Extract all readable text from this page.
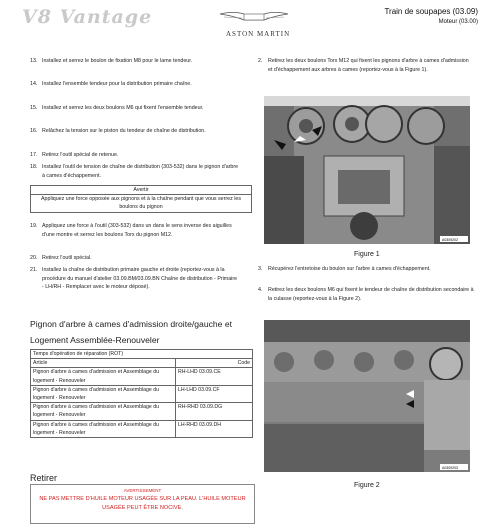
V8 Vantage
ASTON MARTIN
Train de soupapes (03.09)
Moteur (03.00)
13. Installez et serrez le boulon de fixation M8 pour le lame tendeur.
14. Installez l'ensemble tendeur pour la distribution primaire chaîne.
15. Installez et serrez les deux boulons M6 qui fixent l'ensemble tendeur.
16. Relâchez la tension sur le piston du tendeur de chaîne de distribution.
17. Retirez l'outil spécial de retenue.
18. Installez l'outil de tension de chaîne de distribution (303-532) dans le pignon d'arbre à cames d'échappement.
19. Appliquez une force à l'outil (303-532) dans un dans le sens inverse des aiguilles d'une montre et serrez les boulons Torx du pignon M12.
20. Retirez l'outil spécial.
21. Installez la chaîne de distribution primaire gauche et droite (reportez-vous à la procédure du manuel d'atelier 03.09.BM/03.09.BN Chaîne de distribution - Primaire - LH/RH - Remplacer avec le moteur déposé).
Avertir
Appliquez une force opposée aux pignons et à la chaîne pendant que vous serrez les boulons du pignon
Pignon d'arbre à cames d'admission droite/gauche et Logement Assemblée-Renouveler
Temps d'opération de réparation (ROT)	
Article	Code
Pignon d'arbre à cames d'admission et Assemblage du logement - Renouveler	RH-LHD 03.09.CE
Pignon d'arbre à cames d'admission et Assemblage du logement - Renouveler	LH-LHD 03.09.CF
Pignon d'arbre à cames d'admission et Assemblage du logement - Renouveler	RH-RHD 03.09.DG
Pignon d'arbre à cames d'admission et Assemblage du logement - Renouveler	LH-RHD 03.09.DH
Retirer
AVERTISSEMENT
NE PAS METTRE D'HUILE MOTEUR USAGÉE SUR LA PEAU. L'HUILE MOTEUR USAGÉE PEUT ÊTRE NOCIVE.
2.	Retirez les deux boulons Torx M12 qui fixent les pignons d'arbre à cames d'admission et d'échappement aux arbres à cames (reportez-vous à la Figure 1).
3.	Récupérez l'entretoise du boulon sur l'arbre à cames d'échappement.
4.	Retirez les deux boulons M6 qui fixent le tendeur de chaîne de distribution secondaire à la culasse (reportez-vous à la Figure 2).
A0309202
Figure 1
A0309203
Figure 2
